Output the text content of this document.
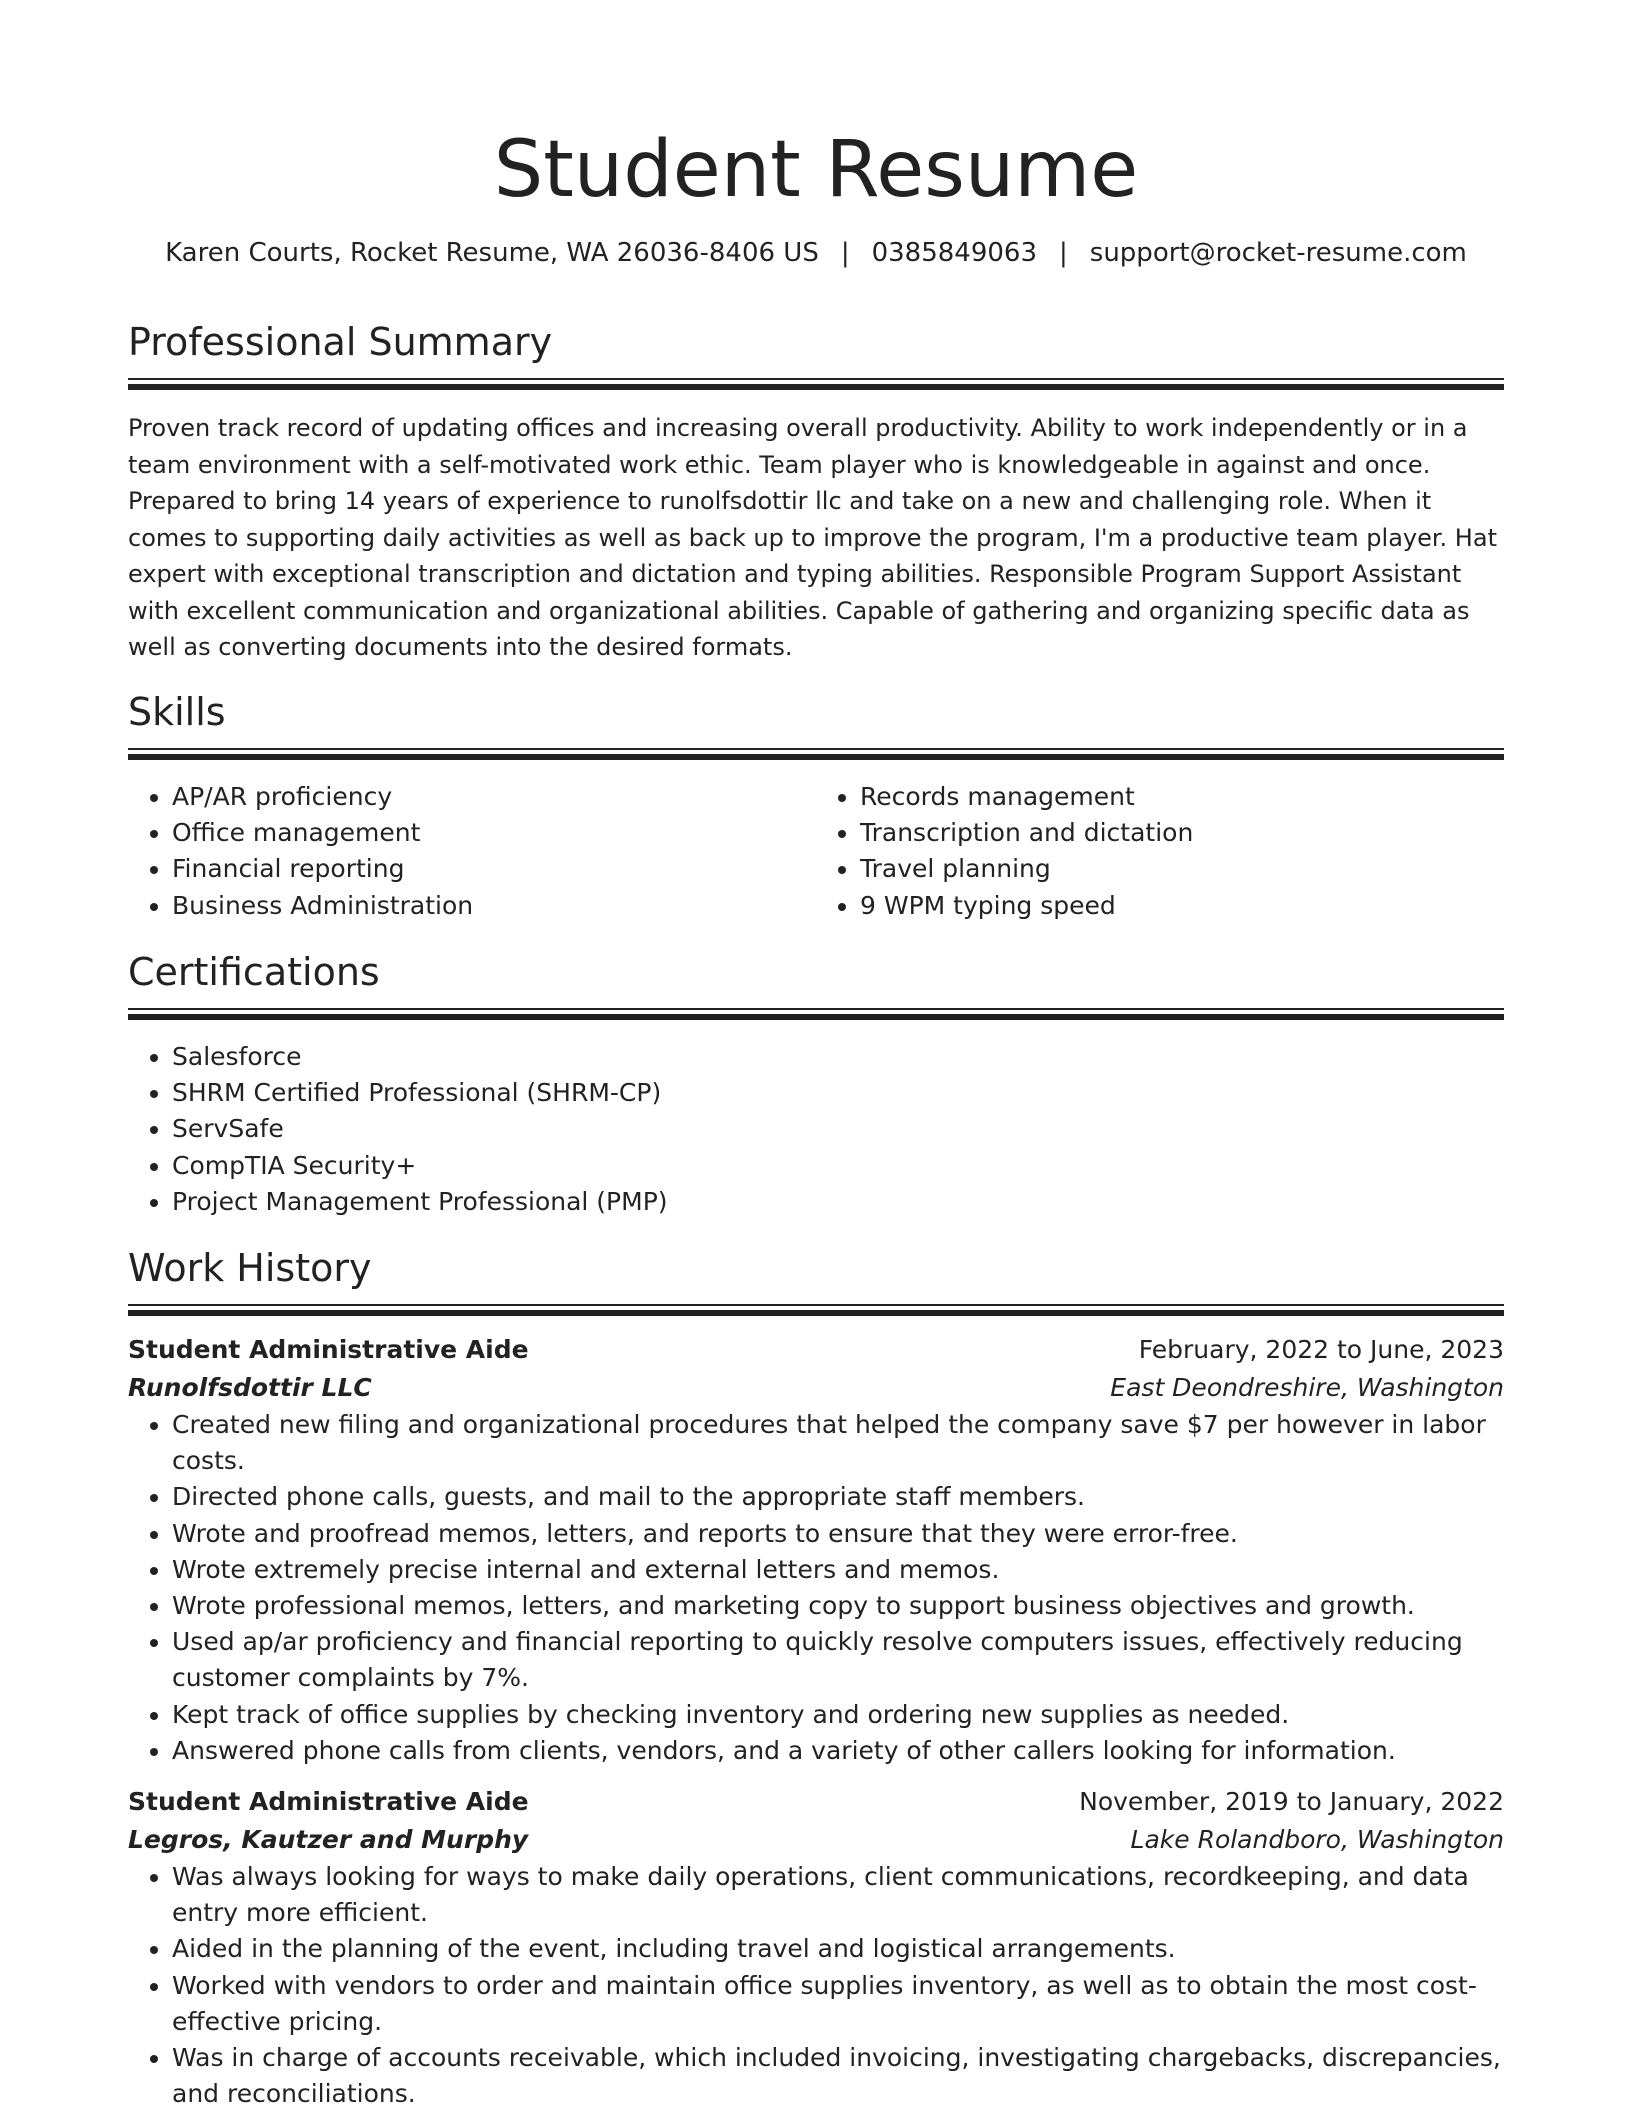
Student Resume
Karen Courts, Rocket Resume, WA 26036-8406 US | 0385849063 | support@rocket-resume.com
Professional Summary

Proven track record of updating offices and increasing overall productivity. Ability to work independently or in a team environment with a self-motivated work ethic. Team player who is knowledgeable in against and once. Prepared to bring 14 years of experience to runolfsdottir llc and take on a new and challenging role. When it comes to supporting daily activities as well as back up to improve the program, I'm a productive team player. Hat expert with exceptional transcription and dictation and typing abilities. Responsible Program Support Assistant with excellent communication and organizational abilities. Capable of gathering and organizing specific data as well as converting documents into the desired formats.

Skills
• AP/AR proficiency
• Office management
• Financial reporting
• Business Administration
• Records management
• Transcription and dictation
• Travel planning
• 9 WPM typing speed
Certifications
• Salesforce
• SHRM Certified Professional (SHRM-CP)
• ServSafe
• CompTIA Security+
• Project Management Professional (PMP)
Work History
Student Administrative Aide	February, 2022 to June, 2023
Runolfsdottir LLC	East Deondreshire, Washington
• Created new filing and organizational procedures that helped the company save $7 per however in labor costs.
• Directed phone calls, guests, and mail to the appropriate staff members.
• Wrote and proofread memos, letters, and reports to ensure that they were error-free.
• Wrote extremely precise internal and external letters and memos.
• Wrote professional memos, letters, and marketing copy to support business objectives and growth.
• Used ap/ar proficiency and financial reporting to quickly resolve computers issues, effectively reducing customer complaints by 7%.
• Kept track of office supplies by checking inventory and ordering new supplies as needed.
• Answered phone calls from clients, vendors, and a variety of other callers looking for information.
Student Administrative Aide	November, 2019 to January, 2022
Legros, Kautzer and Murphy	Lake Rolandboro, Washington
• Was always looking for ways to make daily operations, client communications, recordkeeping, and data entry more efficient.
• Aided in the planning of the event, including travel and logistical arrangements.
• Worked with vendors to order and maintain office supplies inventory, as well as to obtain the most cost-effective pricing.
• Was in charge of accounts receivable, which included invoicing, investigating chargebacks, discrepancies, and reconciliations.
